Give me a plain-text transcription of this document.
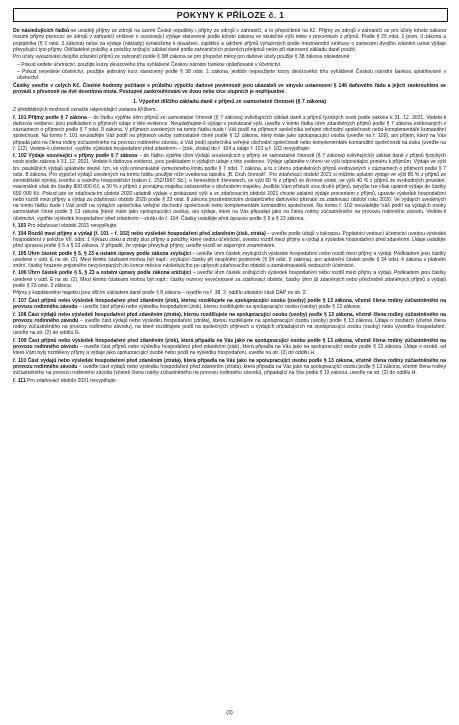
POKYNY K PŘÍLOZE č. 1

Do následujících řádků se uvádějí příjmy ze zdrojů na území České republiky i příjmy ze zdrojů v zahraničí, a to přepočtené na Kč. Příjmy ze zdrojů v zahraničí se pro účely tohoto zákona rozumí příjmy plynoucí ze zdrojů v zahraničí snížené o související výdaje stanovené podle tohoto zákona ve skutečné výši nebo v procentech z příjmů. Podle § 25 odst. 1 písm. i) zákona a poplatníka (§ 2 odst. 2 zákona) nelze za výdaje (náklady) vynaložené k dosažení, zajištění a udržení příjmů vyřazených podle mezinárodní smlouvy o zamezení dvojího zdanění uznat výdaje převyšující tyto příjmy. Odčitatelné položky a položky snižující základ daně podle zahraničních právních předpisů nelze při stanovení základu daně použít.

Pro účely vykazování dvojího zdanění příjmů ze zahraničí podle § 38f zákona se pro přepočet měny pro daňové účely použije § 38 zákona následovně:

– Pokud vedete účetnictví, použijte kurzy devizového trhu vyhlášené Českou národní bankou uplatňované v účetnictví.

– Pokud nevedete účetnictví, použijte jednotný kurz stanovený podle § 38 odst. 1 zákona, jestliže nepoužijete kurzy devizového trhu vyhlášené Českou národní bankou uplatňované v účetnictví.

Částky uveďte v celých Kč. Číselné hodnoty počítané v průběhu výpočtu daňové povinnosti jsou ukazateli ve smyslu ustanovení § 146 daňového řádu a jejich zaokrouhlení se provádí s přesností na dvě desetinná místa. Postupné zaokrouhlování ve dvou nebo více stupních je nepřípustné.

1. Výpočet dílčího základu daně z příjmů ze samostatné činnosti (§ 7 zákona)

Z předtištěných možností označte odpovídající variantu křížkem.

ř. 101 Příjmy podle § 7 zákona – do řádku vyplňte úhrn příjmů ze samostatné činnosti (§ 7 zákona) ovlivňujících základ daně z příjmů fyzických osob podle zákona k 31. 12. 2021. Vedete-li daňovou evidenci, jsou podkladem o příjmech údaje z této evidence. Neuplatňujete-li výdaje v prokázané výši, uveďte v tomto řádku úhrn zdanitelných příjmů podle § 7 zákona evidovaných v záznamech o příjmech podle § 7 odst. 8 zákona. V příjmech uvedených na tomto řádku bude i Váš podíl na příjmech společníka veřejné obchodní společnosti nebo komplementáře komanditní společnosti. Na tomto ř. 101 neuvádějte Váš podíl na příjmech osoby samostatně činné podle § 13 zákona, který máte jako spolupracující osoba (uveďte na ř. 109), ani příjem, který na Vás připadá jako na člena rodiny zúčastněného na provozu rodinného závodu, a Váš podíl společníka veřejné obchodní společnosti nebo komplementáře komanditní společnosti na zisku (uveďte na ř. 112). Vedete-li účetnictví, vyplňte výsledek hospodaření před zdaněním – (zisk, ztráta) do ř. 104 a údaje ř. 101 a ř. 102 nevyplňujte.

ř. 102 Výdaje související s příjmy podle § 7 zákona – do řádku vyplňte úhrn výdajů souvisejících s příjmy ze samostatné činnosti (§ 7 zákona) ovlivňujících základ daně z příjmů fyzických osob podle zákona k 31. 12. 2021. Vedete-li daňovou evidenci, jsou podkladem o výdajích údaje z této evidence. Výdaje uplatněte v úhrnu ve výši odpovídající poměru k příjmům. Výdaje ve výši tzv. paušálních výdajů uplatněte stejně, tzn. ve výši procentuálně vymezeného limitu podle § 7 odst. 7 zákona, a to z úhrnu zdanitelných příjmů evidovaných v záznamech o příjmech podle § 7 odst. 8 zákona. Pro výpočet výdajů uvedených na tomto řádku použijte níže uvedenou tabulku „B. Druh činnosti“. Pro zdaňovací období 2021 si můžete uplatnit výdaje ve výši 80 % z příjmů ze zemědělské výroby, lesního a vodního hospodářství (zákon č. 252/1997 Sb.), o řemeslných živnostech, ve výši 60 % z příjmů ze živnosti volné, ve výši 40 % z příjmů ze svobodných povolání, maximálně však do částky 800 000 Kč, a 30 % z příjmů z pronájmu majetku zařazeného v obchodním majetku. Jestliže Vám přísluší více druhů příjmů, nejvýše lze však uplatnit výdaje do částky 600 000 Kč. Pokud jste ve zdaňovacím období 2020 uplatnili výdaje v prokázané výši a ve zdaňovacím období 2021 chcete uplatnit výdaje procentem z příjmů, upravte výsledek hospodaření nebo rozdíl mezi příjmy a výdaji za zdaňovací období 2020 podle § 23 odst. 8 zákona prostřednictvím dodatečného daňového přiznání za zdaňovací období roku 2020. Ve výdajích uvedených na tomto řádku bude i Váš podíl na výdajích společníka veřejné obchodní společnosti nebo komplementáře komanditní společnosti. Na tomto ř. 102 neuvádějte Váš podíl na výdajích osoby samostatně činné podle § 13 zákona (které máte jako spolupracující osoba), ani výdaje, které na Vás připadají jako na člena rodiny zúčastněného na provozu rodinného závodu. Vedete-li účetnictví, vyplňte výsledek hospodaření před zdaněním – ztrátu do ř. 104. Částky uvádějte před úpravou podle § 5 a § 23 zákona.

ř. 103 Pro zdaňovací období 2021 nevyplňujte.

ř. 104 Rozdíl mezi příjmy a výdaji (ř. 101 – ř. 102) nebo výsledek hospodaření před zdaněním (zisk, ztráta) – uveďte podle údajů v tiskopisu. Poplatníci vedoucí účetnictví uvedou výsledek hospodaření v položce VII. odst. 1 Výkazu zisku a ztráty plus příjmy a položky, které vedou účetnictví, uvedou rozdíl mezi příjmy a výdaji a výsledek hospodaření před zdaněním. Údaje uvádějte před úpravou podle § 5 a § 23 zákona. V případě, že výdaje převyšují příjmy, uveďte rozdíl se záporným znaménkem.

ř. 105 Úhrn částek podle § 5, § 23 a ostatní úpravy podle zákona zvyšující – uveďte úhrn částek zvyšujících výsledek hospodaření nebo rozdíl mezi příjmy a výdaji. Podkladem jsou částky uvedené v odd. E na str. (2). Mezi těmito částkami mohou být např.: zvyšující částky při nesplnění podmínek (§ 34 odst. 5 zákona), pro uplatnění částek podle § 34 odst. 4 zákona v platném znění, částky hrazené pojistného nevyčerpaných do konce měsíce následujícího po uplynutí zdaňovacího období u zaměstnavatelů vedoucích účetnictví.

ř. 106 Úhrn částek podle § 5, § 23 a ostatní úpravy podle zákona snižující – uveďte úhrn částek snižujících výsledek hospodaření nebo rozdíl mezi příjmy a výdaji. Podkladem jsou částky uvedené v odd. E na str. (2). Mezi těmito částkami mohou být např.: částky rezervy nevyčerpané za zdaňovací období, částky úhrn již zdaněných nebo přechodně zdaněných příjmů a výdajů podle § 23 odst. 3 zákona.

Přijmy z kapitálového majetku jsou dílčím základem daně podle § 8 zákona – uveďte na ř. 38, 2. oddílu základní části DAP na str. 2.

ř. 107 Část příjmů nebo výsledek hospodaření před zdaněním (zisk), kterou rozdělujete na spolupracující osobu (osoby) podle § 13 zákona, včetně člena rodiny zúčastněného na provozu rodinného závodu – uveďte část příjmů nebo výsledku hospodaření (zisk), kterou rozdělujete na spolupracující osobu (osoby) podle § 13 zákona.

ř. 108 Část výdajů nebo výsledek hospodaření před zdaněním (ztráta), kterou rozdělujete na spolupracující osobu (osoby) podle § 13 zákona, včetně člena rodiny zúčastněného na provozu rodinného závodu – uveďte část výdajů nebo výsledku hospodaření (ztráta), kterou rozdělujete na spolupracující osobu (osoby) podle § 13 zákona. Údaje o osobách (včetně člena rodiny zúčastněného na provozu rodinného závodu), na které rozdělujete podíl na společných příjmech a výdajích připadajících na spolupracující osobu (osoby) nebo výsledku hospodaření, uveďte na str. (2) do oddílu G.

ř. 109 Část příjmů nebo výsledek hospodaření před zdaněním (zisk), která připadla na Vás jako na spolupracující osobu podle § 13 zákona, včetně člena rodiny zúčastněného na provozu rodinného závodu – uveďte část příjmů nebo výsledku hospodaření před zdaněním (zisk), která připadla na Vás jako na spolupracující osobu podle § 13 zákona. Údaje o osobě, od které Vám byly rozděleny příjmy a výdaje jako spolupracující osobě nebo podíl na výsledku hospodaření, uveďte na str. (2) do oddílu H.

ř. 110 Část výdajů nebo výsledek hospodaření před zdaněním (ztráta), která připadla na Vás jako na spolupracující osobu podle § 13 zákona, včetně člena rodiny zúčastněného na provozu rodinného závodu – uveďte část výdajů nebo výsledku hospodaření před zdaněním (ztráta), která připadla na Vás jako na spolupracující osobu podle § 13 zákona, včetně člena rodiny zúčastněného na provozu rodinného závodu (včetně člena rodiny zúčastněného na provozu rodinného závodu), připadající na Vás podle § 13 zákona, uveďte na str. (2) do oddílu H.

ř. 111 Pro zdaňovací období 2021 nevyplňujte.

(3)
